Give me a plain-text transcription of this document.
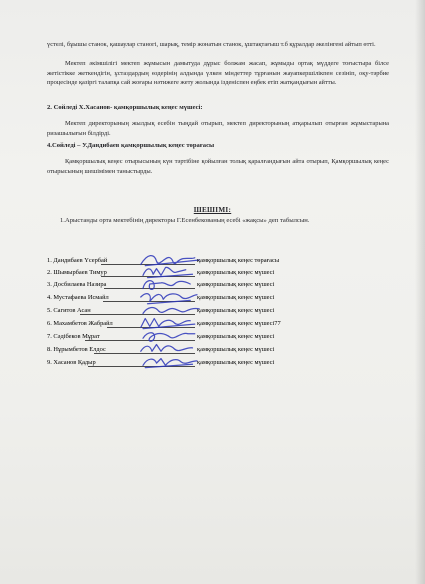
үстелі, бұышы станок, қашаулар станогі, шарық, темір жонатын станок, ұштақтағыш т.б құралдар əкелінгені айтып өтті.
Мектеп əкімшілігі мектеп жұмысын дамытуда дұрыс болжам жасап, жұмыды ортақ мүддеге тоғыстыра білсе жетістікке жеткендігін, ұстаздардың өздерінің алдында үлкен міндеттер тұрғанын жауапкершілікпен сезініп, оқу-тəрбие процесінде қазіргі талапқа сай жоғары нəтижеге жету жолында ізденіспен еңбек етіп жатқандығын айтты.
2. Сөйледі Х.Хасанов- қамқоршылық кеңес мүшесі:
Мектеп директорының жылдық есебін тыңдай отырып, мектеп директорының атқарылып отырған жұмыстарына ризашылығын білдірді.
4.Сөйледі – У.Дандибаев қамқоршылық кеңес төрағасы
Қамқоршылық кеңес отырысының күн тəртібіне қойылған толық қаралғандығын айта отырып, Қамқоршылық кеңес отырысының шешімімен таныстырды.
ШЕШІМІ:
1.Арыстанды орта мектебінің директоры Г.Есенбекованың есебі «жақсы» деп табылсын.
1. Дандибаев Үсербай	қамқоршылық кеңес төрағасы
2. Шымырбаев Тимур	қамқоршылық кеңес мүшесі
3. Досбилаева Назира	қамқоршылық кеңес мүшесі
4. Мустафаева Исмайл	қамқоршылық кеңес мүшесі
5. Сагитов Асан	қамқоршылық кеңес мүшесі
6. Махамбетов Жабрайл	қамқоршылық кеңес мүшесі77
7. Сəдібеков Мұрат	қамқоршылық кеңес мүшесі
8. Нұрымбетов Елдос	қамқоршылық кеңес мүшесі
9. Хасанов Қадыр	қамқоршылық кеңес мүшесі
